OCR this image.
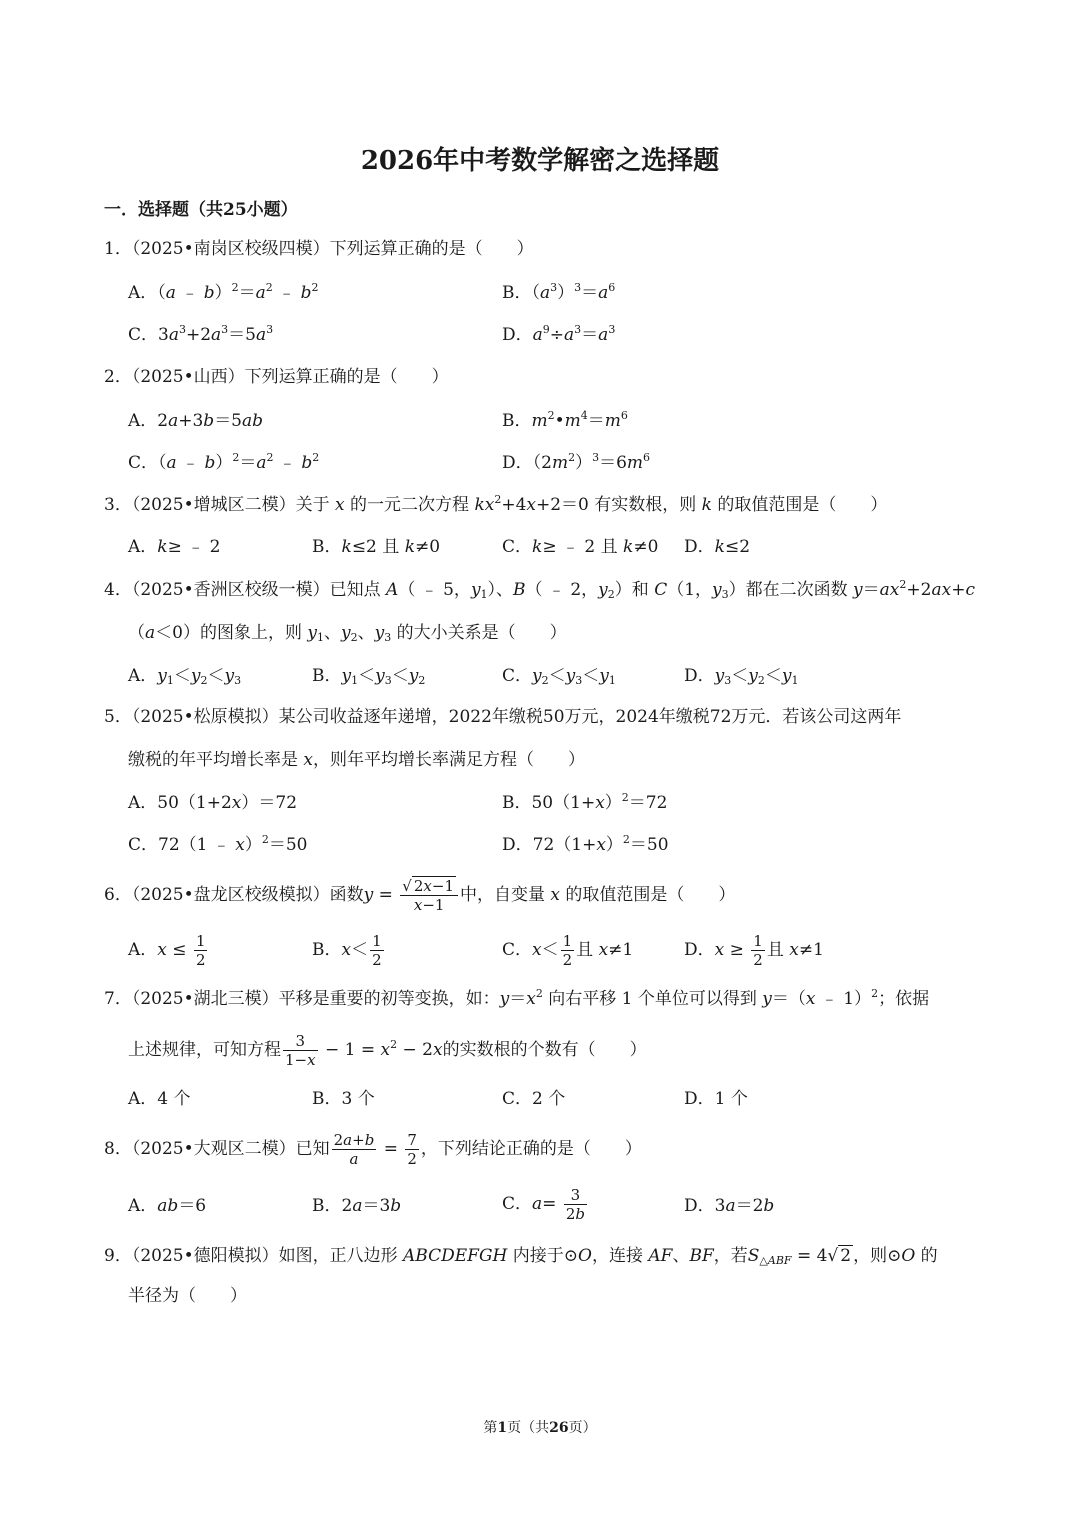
2026年中考数学解密之选择题
一．选择题（共25小题）
1．（2025•南岗区校级四模）下列运算正确的是（　　）
A．（a ﹣ $b)^2=a^2$ ﹣ $b^2$	B．$(a^3)^3=a^6$
C．$3a^3+2a^3=5a^3$	D．$a^9\div a^3=a^3$
2．（2025•山西）下列运算正确的是（　　）
A．2a+3b＝5ab	B．$m^2•m^4=m^6$
C．（a ﹣ $b)^2=a^2$ ﹣ $b^2$	D．$(2m^2)^3=6m^6$
3．（2025•增城区二模）关于 x 的一元二次方程 $kx^2+4x+2=0$ 有实数根，则 k 的取值范围是（　　）
A．k≥ ﹣ 2	B．k≤2 且 k≠0	C．k≥ ﹣ 2 且 k≠0 D．k≤2
4．（2025•香洲区校级一模）已知点 A（ ﹣ 5，$y_1$）、B（ ﹣ 2，$y_2$）和 C（1，$y_3$）都在二次函数 $y=ax^2+2ax+c$
（a＜0）的图象上，则 $y_1$、$y_2$、$y_3$ 的大小关系是（　　）
A．$y_1<y_2<y_3$	B．$y_1<y_3<y_2$	C．$y_2<y_3<y_1$	D．$y_3<y_2<y_1$
5．（2025•松原模拟）某公司收益逐年递增，2022年缴税50万元，2024年缴税72万元．若该公司这两年
缴税的年平均增长率是 x，则年平均增长率满足方程（　　）
A．50（1+2x）＝72	B．$50(1+x)^2=72$
C．72（1 ﹣ x）$^2$＝50	D．$72(1+x)^2=50$
6．（2025•盘龙区校级模拟）函数$y = \frac{√ 2x-1}{x-1}$ 中，自变量 x 的取值范围是（　　）
A．$x \le \frac{1}{2}$	B．$x< \frac{1}{2}$	C．$x< \frac{1}{2}$ 且 x≠1	D．$x \ge \frac{1}{2}$ 且 x≠1
7．（2025•湖北三模）平移是重要的初等变换，如：$y=x^2$ 向右平移 1 个单位可以得到 y＝（x ﹣ 1）$^2$；依据
上述规律，可知方程 $\frac{3}{1-x} - 1 = x^2 - 2x$的实数根的个数有（　　）
A．4 个	B．3 个	C．2 个	D．1 个
8．（2025•大观区二模）已知 $\frac{2a+b}{a} = \frac{7}{2}$ ，下列结论正确的是（　　）
A．ab＝6	B．2a＝3b	C．$a= \frac{3}{2b}$	D．3a＝2b
9．（2025•德阳模拟）如图，正八边形 ABCDEFGH 内接于⊙O，连接 AF、BF，若$S_{\triangle ABF} = 4√$ 2 ，则⊙O 的
半径为（　　）
第1页（共26页）
